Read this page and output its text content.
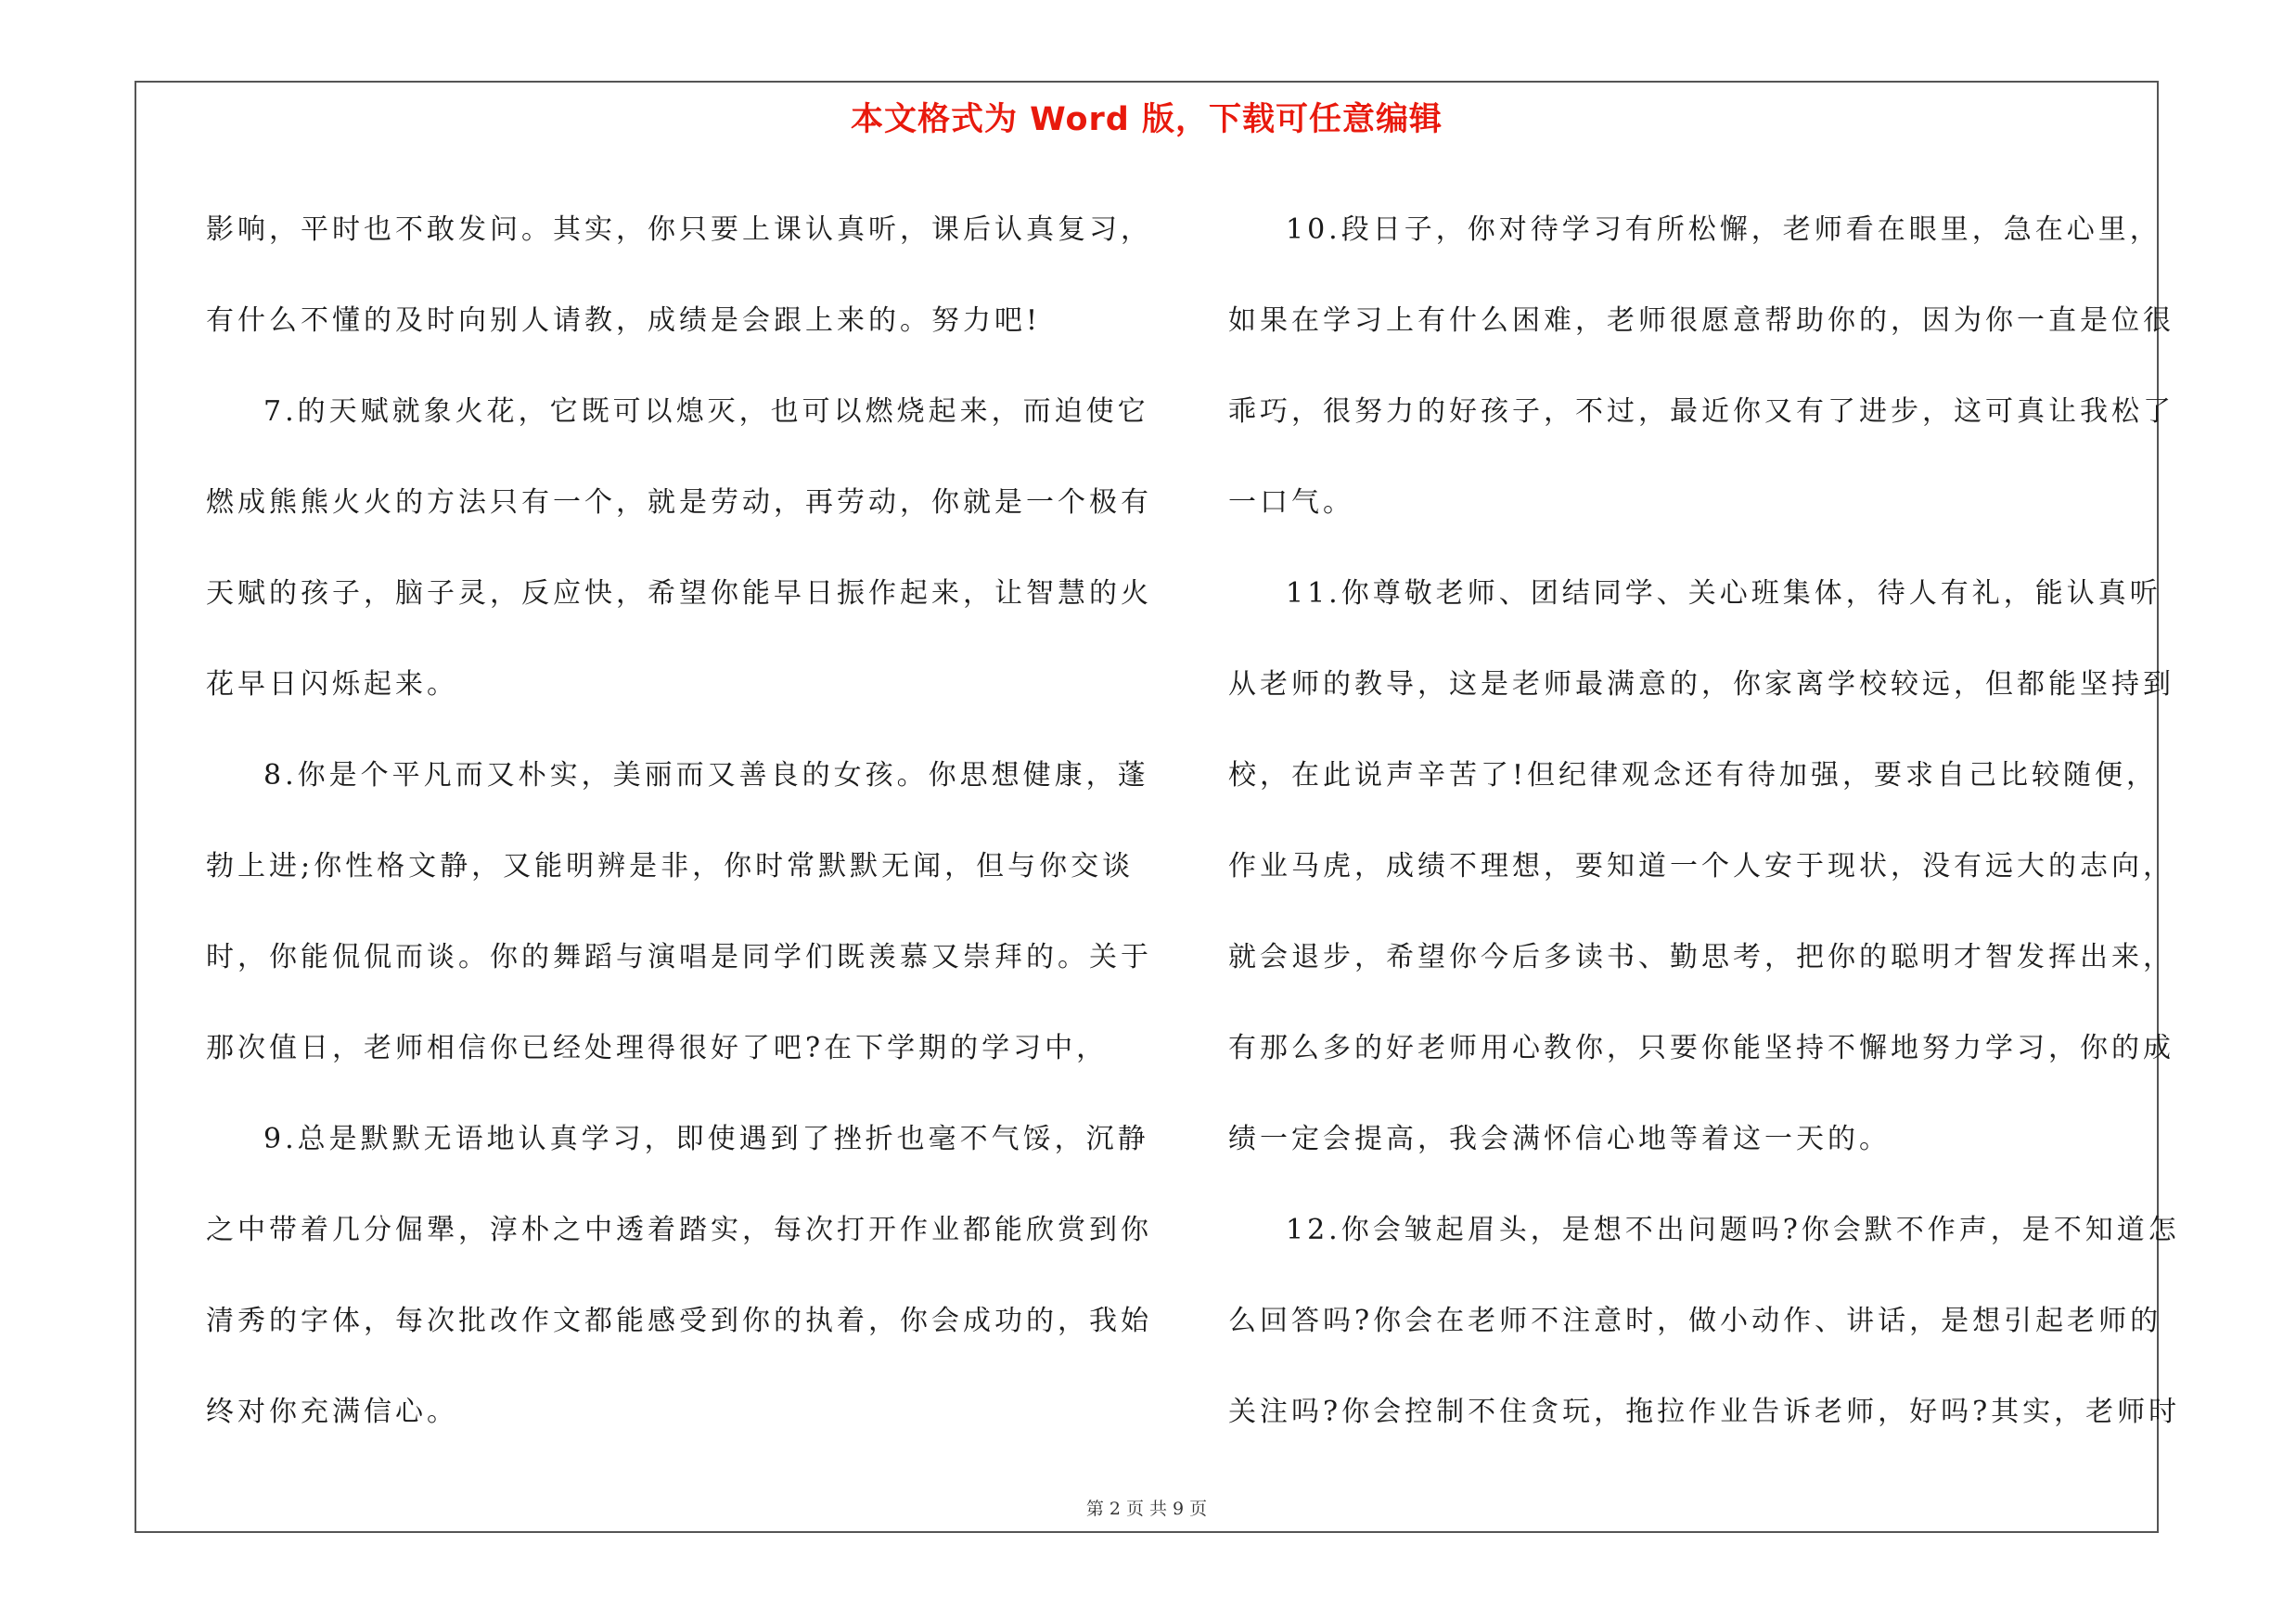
本文格式为 Word 版，下载可任意编辑
影响，平时也不敢发问。其实，你只要上课认真听，课后认真复习，
有什么不懂的及时向别人请教，成绩是会跟上来的。努力吧!
7.的天赋就象火花，它既可以熄灭，也可以燃烧起来，而迫使它
燃成熊熊火火的方法只有一个，就是劳动，再劳动，你就是一个极有
天赋的孩子，脑子灵，反应快，希望你能早日振作起来，让智慧的火
花早日闪烁起来。
8.你是个平凡而又朴实，美丽而又善良的女孩。你思想健康，蓬
勃上进;你性格文静，又能明辨是非，你时常默默无闻，但与你交谈
时，你能侃侃而谈。你的舞蹈与演唱是同学们既羡慕又崇拜的。关于
那次值日，老师相信你已经处理得很好了吧?在下学期的学习中，
9.总是默默无语地认真学习，即使遇到了挫折也毫不气馁，沉静
之中带着几分倔犟，淳朴之中透着踏实，每次打开作业都能欣赏到你
清秀的字体，每次批改作文都能感受到你的执着，你会成功的，我始
终对你充满信心。
10.段日子，你对待学习有所松懈，老师看在眼里，急在心里，
如果在学习上有什么困难，老师很愿意帮助你的，因为你一直是位很
乖巧，很努力的好孩子，不过，最近你又有了进步，这可真让我松了
一口气。
11.你尊敬老师、团结同学、关心班集体，待人有礼，能认真听
从老师的教导，这是老师最满意的，你家离学校较远，但都能坚持到
校，在此说声辛苦了!但纪律观念还有待加强，要求自己比较随便，
作业马虎，成绩不理想，要知道一个人安于现状，没有远大的志向，
就会退步，希望你今后多读书、勤思考，把你的聪明才智发挥出来，
有那么多的好老师用心教你，只要你能坚持不懈地努力学习，你的成
绩一定会提高，我会满怀信心地等着这一天的。
12.你会皱起眉头，是想不出问题吗?你会默不作声，是不知道怎
么回答吗?你会在老师不注意时，做小动作、讲话，是想引起老师的
关注吗?你会控制不住贪玩，拖拉作业告诉老师，好吗?其实，老师时
第 2 页 共 9 页
